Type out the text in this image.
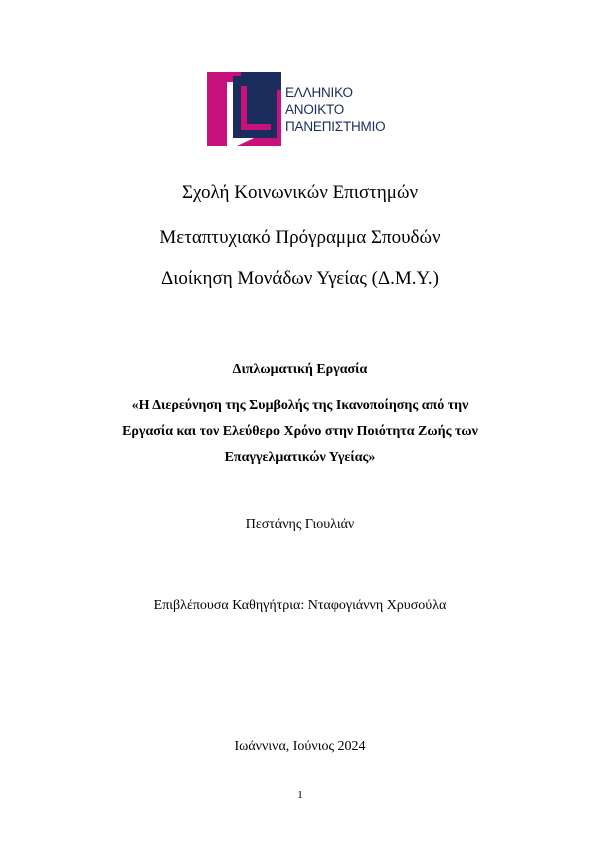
ΕΛΛΗΝΙΚΟ
ΑΝΟΙΚΤΟ
ΠΑΝΕΠΙΣΤΗΜΙΟ
Σχολή Κοινωνικών Επιστημών
Μεταπτυχιακό Πρόγραμμα Σπουδών
Διοίκηση Μονάδων Υγείας (Δ.Μ.Υ.)
Διπλωματική Εργασία
«Η Διερεύνηση της Συμβολής της Ικανοποίησης από την
Εργασία και τον Ελεύθερο Χρόνο στην Ποιότητα Ζωής των
Επαγγελματικών Υγείας»
Πεστάνης Γιουλιάν
Επιβλέπουσα Καθηγήτρια: Νταφογιάννη Χρυσούλα
Ιωάννινα, Ιούνιος 2024
1
